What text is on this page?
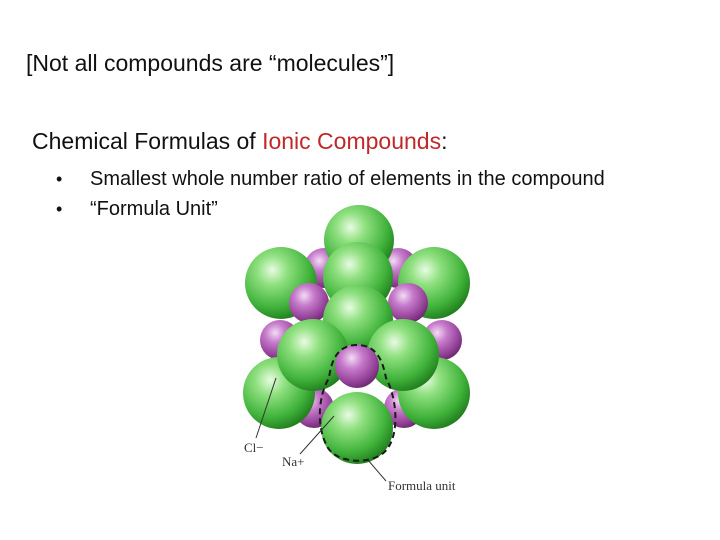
[Not all compounds are “molecules”]
Chemical Formulas of Ionic Compounds:
• Smallest whole number ratio of elements in the compound
• “Formula Unit”
Cl−
Na+
Formula unit
